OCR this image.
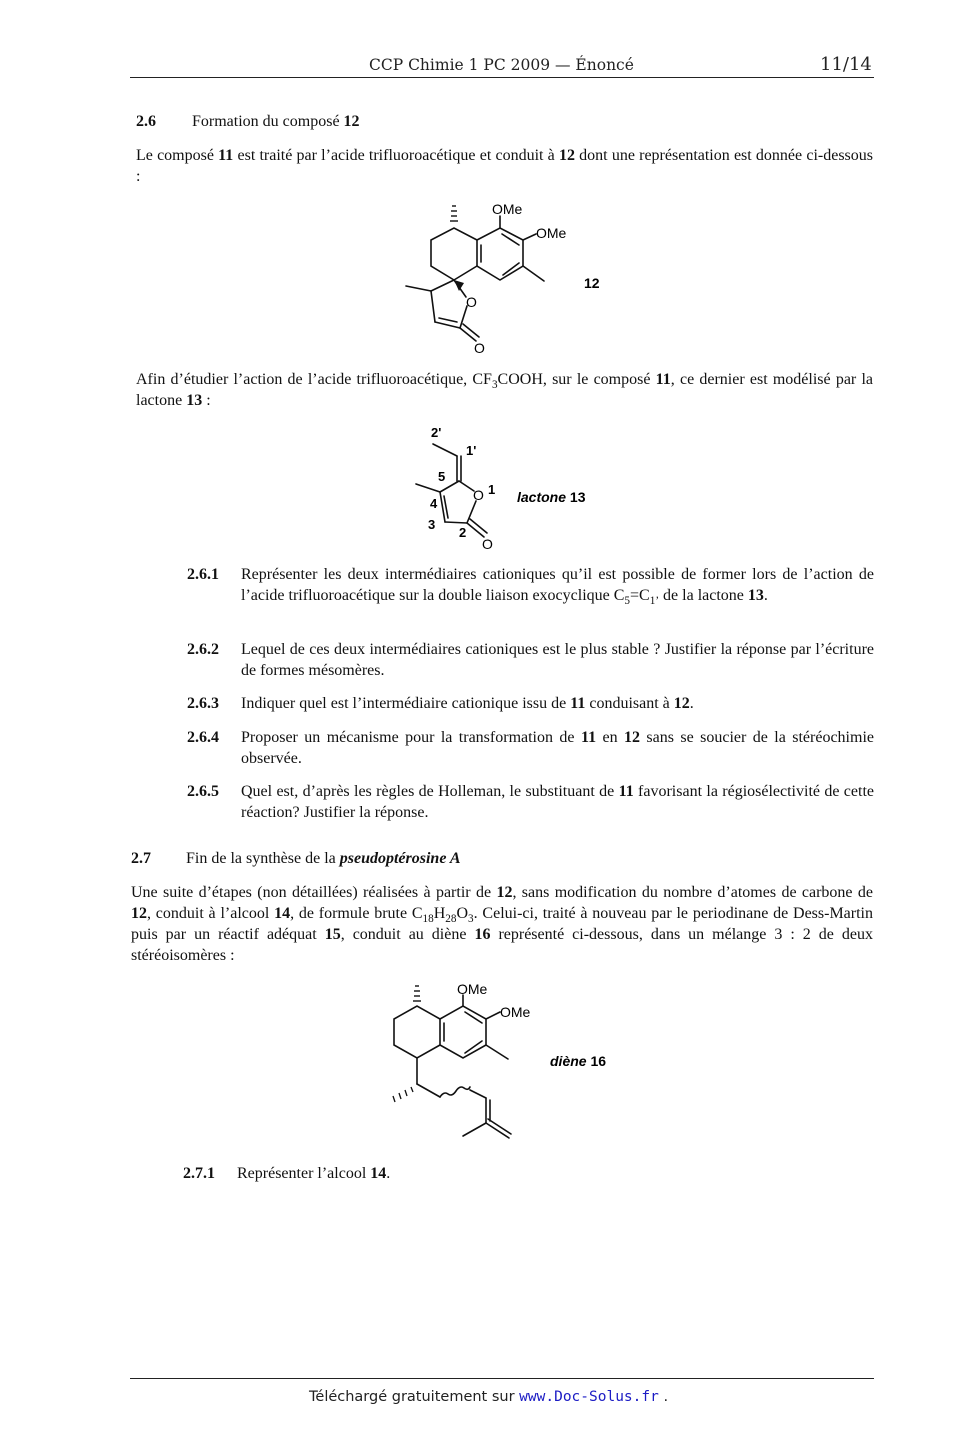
CCP Chimie 1 PC 2009 — Énoncé	11/14
2.6 Formation du composé 12
Le composé 11 est traité par l’acide trifluoroacétique et conduit à 12 dont une représentation est donnée ci-dessous :
OMe
OMe
O
O
12
Afin d’étudier l’action de l’acide trifluoroacétique, $CF_3COOH$, sur le composé 11, ce dernier est modélisé par la lactone 13 :
2'
1'
5
4
3
2
O 1
O
lactone 13
2.6.1 Représenter les deux intermédiaires cationiques qu’il est possible de former lors de l’action de l’acide trifluoroacétique sur la double liaison exocyclique $C_5=C_{1’}$ de la lactone 13.
2.6.2 Lequel de ces deux intermédiaires cationiques est le plus stable ? Justifier la réponse par l’écriture de formes mésomères.
2.6.3 Indiquer quel est l’intermédiaire cationique issu de 11 conduisant à 12.
2.6.4 Proposer un mécanisme pour la transformation de 11 en 12 sans se soucier de la stéréochimie observée.
2.6.5 Quel est, d’après les règles de Holleman, le substituant de 11 favorisant la régiosélectivité de cette réaction? Justifier la réponse.
2.7 Fin de la synthèse de la pseudoptérosine A
Une suite d’étapes (non détaillées) réalisées à partir de 12, sans modification du nombre d’atomes de carbone de 12, conduit à l’alcool 14, de formule brute $C_{18}H_{28}O_3$. Celui-ci, traité à nouveau par le periodinane de Dess-Martin puis par un réactif adéquat 15, conduit au diène 16 représenté ci-dessous, dans un mélange 3 : 2 de deux stéréoisomères :
OMe
OMe
diène 16
2.7.1 Représenter l’alcool 14.
Téléchargé gratuitement sur www.Doc-Solus.fr .
